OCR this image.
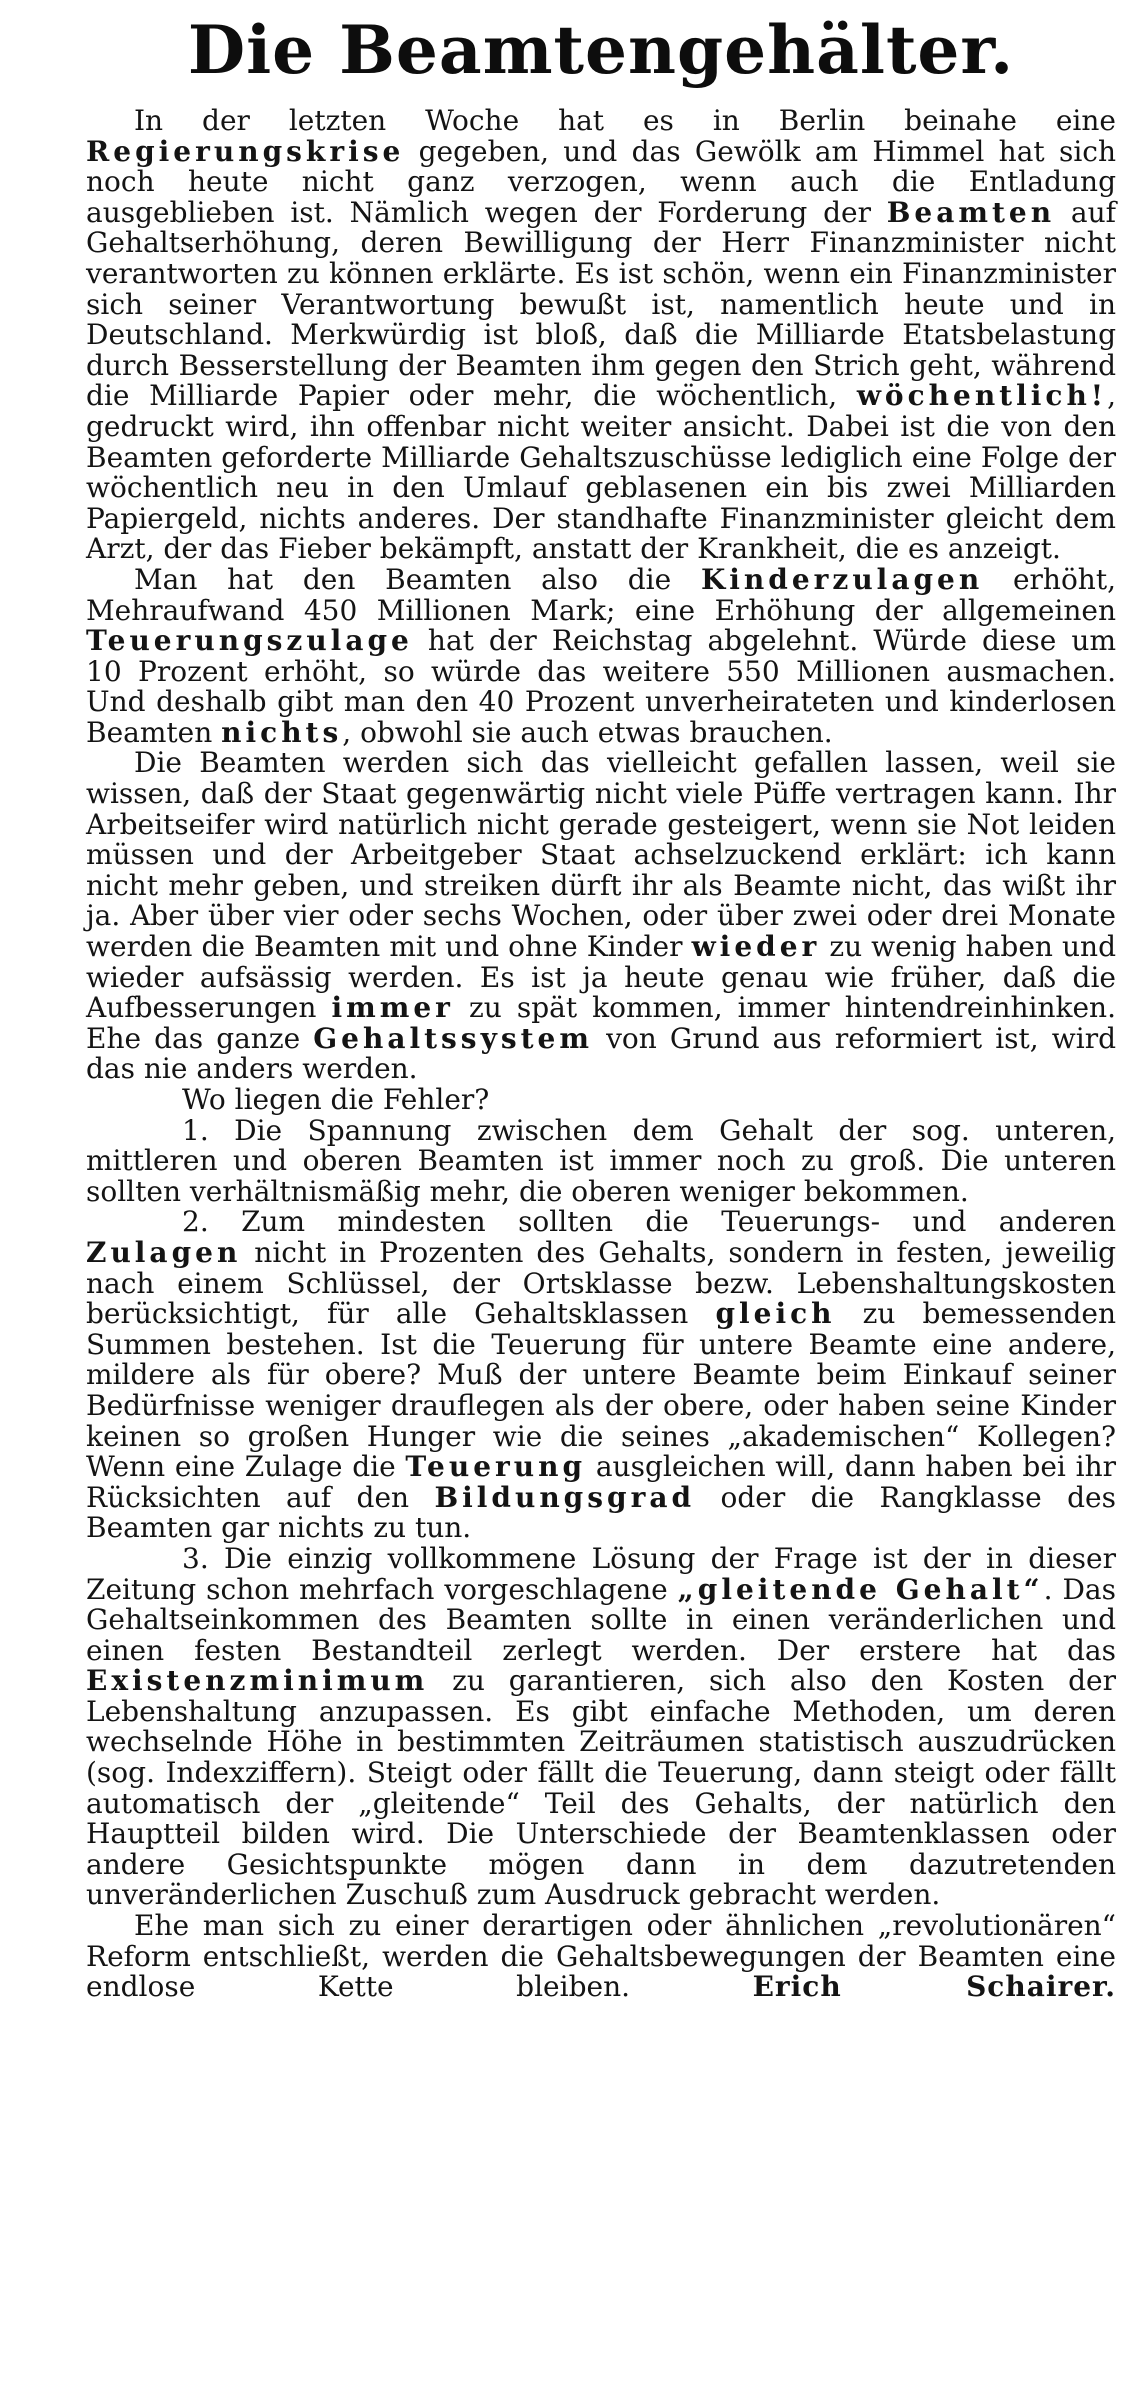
Die Beamtengehälter.

In der letzten Woche hat es in Berlin beinahe eine Regierungskrise gegeben, und das Gewölk am Himmel hat sich noch heute nicht ganz verzogen, wenn auch die Entladung ausgeblieben ist. Nämlich wegen der Forderung der Beamten auf Gehaltserhöhung, deren Bewilligung der Herr Finanzminister nicht verantworten zu können erklärte. Es ist schön, wenn ein Finanzminister sich seiner Verantwortung bewußt ist, namentlich heute und in Deutschland. Merkwürdig ist bloß, daß die Milliarde Etatsbelastung durch Besserstellung der Beamten ihm gegen den Strich geht, während die Milliarde Papier oder mehr, die wöchentlich, wöchentlich!, gedruckt wird, ihn offenbar nicht weiter ansicht. Dabei ist die von den Beamten geforderte Milliarde Gehaltszuschüsse lediglich eine Folge der wöchentlich neu in den Umlauf geblasenen ein bis zwei Milliarden Papiergeld, nichts anderes. Der standhafte Finanzminister gleicht dem Arzt, der das Fieber bekämpft, anstatt der Krankheit, die es anzeigt.

Man hat den Beamten also die Kinderzulagen erhöht, Mehraufwand 450 Millionen Mark; eine Erhöhung der allgemeinen Teuerungszulage hat der Reichstag abgelehnt. Würde diese um 10 Prozent erhöht, so würde das weitere 550 Millionen ausmachen. Und deshalb gibt man den 40 Prozent unverheirateten und kinderlosen Beamten nichts, obwohl sie auch etwas brauchen.

Die Beamten werden sich das vielleicht gefallen lassen, weil sie wissen, daß der Staat gegenwärtig nicht viele Püffe vertragen kann. Ihr Arbeitseifer wird natürlich nicht gerade gesteigert, wenn sie Not leiden müssen und der Arbeitgeber Staat achselzuckend erklärt: ich kann nicht mehr geben, und streiken dürft ihr als Beamte nicht, das wißt ihr ja. Aber über vier oder sechs Wochen, oder über zwei oder drei Monate werden die Beamten mit und ohne Kinder wieder zu wenig haben und wieder aufsässig werden. Es ist ja heute genau wie früher, daß die Aufbesserungen immer zu spät kommen, immer hintendreinhinken. Ehe das ganze Gehaltssystem von Grund aus reformiert ist, wird das nie anders werden.

Wo liegen die Fehler?

1. Die Spannung zwischen dem Gehalt der sog. unteren, mittleren und oberen Beamten ist immer noch zu groß. Die unteren sollten verhältnismäßig mehr, die oberen weniger bekommen.

2. Zum mindesten sollten die Teuerungs- und anderen Zulagen nicht in Prozenten des Gehalts, sondern in festen, jeweilig nach einem Schlüssel, der Ortsklasse bezw. Lebenshaltungskosten berücksichtigt, für alle Gehaltsklassen gleich zu bemessenden Summen bestehen. Ist die Teuerung für untere Beamte eine andere, mildere als für obere? Muß der untere Beamte beim Einkauf seiner Bedürfnisse weniger drauflegen als der obere, oder haben seine Kinder keinen so großen Hunger wie die seines „akademischen“ Kollegen? Wenn eine Zulage die Teuerung ausgleichen will, dann haben bei ihr Rücksichten auf den Bildungsgrad oder die Rangklasse des Beamten gar nichts zu tun.

3. Die einzig vollkommene Lösung der Frage ist der in dieser Zeitung schon mehrfach vorgeschlagene „gleitende Gehalt“. Das Gehaltseinkommen des Beamten sollte in einen veränderlichen und einen festen Bestandteil zerlegt werden. Der erstere hat das Existenzminimum zu garantieren, sich also den Kosten der Lebenshaltung anzupassen. Es gibt einfache Methoden, um deren wechselnde Höhe in bestimmten Zeiträumen statistisch auszudrücken (sog. Indexziffern). Steigt oder fällt die Teuerung, dann steigt oder fällt automatisch der „gleitende“ Teil des Gehalts, der natürlich den Hauptteil bilden wird. Die Unterschiede der Beamtenklassen oder andere Gesichtspunkte mögen dann in dem dazutretenden unveränderlichen Zuschuß zum Ausdruck gebracht werden.

Ehe man sich zu einer derartigen oder ähnlichen „revolutionären“ Reform entschließt, werden die Gehaltsbewegungen der Beamten eine endlose Kette bleiben.	Erich Schairer.
